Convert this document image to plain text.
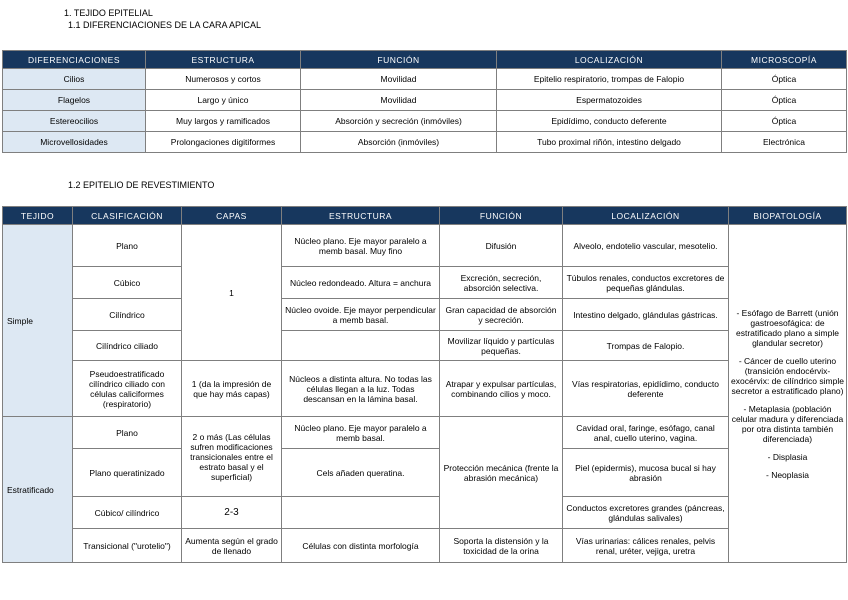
1. TEJIDO EPITELIAL
1.1 DIFERENCIACIONES DE LA CARA APICAL
DIFERENCIACIONES	ESTRUCTURA	FUNCIÓN	LOCALIZACIÓN	MICROSCOPÍA
Cilios	Numerosos y cortos	Movilidad	Epitelio respiratorio, trompas de Falopio	Óptica
Flagelos	Largo y único	Movilidad	Espermatozoides	Óptica
Estereocilios	Muy largos y ramificados	Absorción y secreción (inmóviles)	Epidídimo, conducto deferente	Óptica
Microvellosidades	Prolongaciones digitiformes	Absorción (inmóviles)	Tubo proximal riñón, intestino delgado	Electrónica
1.2 EPITELIO DE REVESTIMIENTO
TEJIDO	CLASIFICACIÓN	CAPAS	ESTRUCTURA	FUNCIÓN	LOCALIZACIÓN	BIOPATOLOGÍA
Simple	Plano	1	Núcleo plano. Eje mayor paralelo a memb basal. Muy fino	Difusión	Alveolo, endotelio vascular, mesotelio.	- Esófago de Barrett (unión gastroesofágica: de estratificado plano a simple glandular secretor)
- Cáncer de cuello uterino (transición endocérvix-exocérvix: de cilíndrico simple secretor a estratificado plano)
- Metaplasia (población celular madura y diferenciada por otra distinta también diferenciada)
- Displasia
- Neoplasia

	Cúbico		Núcleo redondeado. Altura = anchura	Excreción, secreción, absorción selectiva.	Túbulos renales, conductos excretores de pequeñas glándulas.	
	Cilíndrico		Núcleo ovoide. Eje mayor perpendicular a memb basal.	Gran capacidad de absorción y secreción.	Intestino delgado, glándulas gástricas.	
	Cilíndrico ciliado			Movilizar líquido y partículas pequeñas.	Trompas de Falopio.	
	Pseudoestratificado cilíndrico ciliado con células caliciformes (respiratorio)	1 (da la impresión de que hay más capas)	Núcleos a distinta altura. No todas las células llegan a la luz. Todas descansan en la lámina basal.	Atrapar y expulsar partículas, combinando cilios y moco.	Vías respiratorias, epidídimo, conducto deferente	
Estratificado	Plano	2 o más (Las células sufren modificaciones transicionales entre el estrato basal y el superficial)	Núcleo plano. Eje mayor paralelo a memb basal.	Protección mecánica (frente la abrasión mecánica)	Cavidad oral, faringe, esófago, canal anal, cuello uterino, vagina.	
	Plano queratinizado		Cels añaden queratina.		Piel (epidermis), mucosa bucal si hay abrasión	
	Cúbico/ cilíndrico	2-3			Conductos excretores grandes (páncreas, glándulas salivales)	
	Transicional ("urotelio")	Aumenta según el grado de llenado	Células con distinta morfología	Soporta la distensión y la toxicidad de la orina	Vías urinarias: cálices renales, pelvis renal, uréter, vejiga, uretra	
